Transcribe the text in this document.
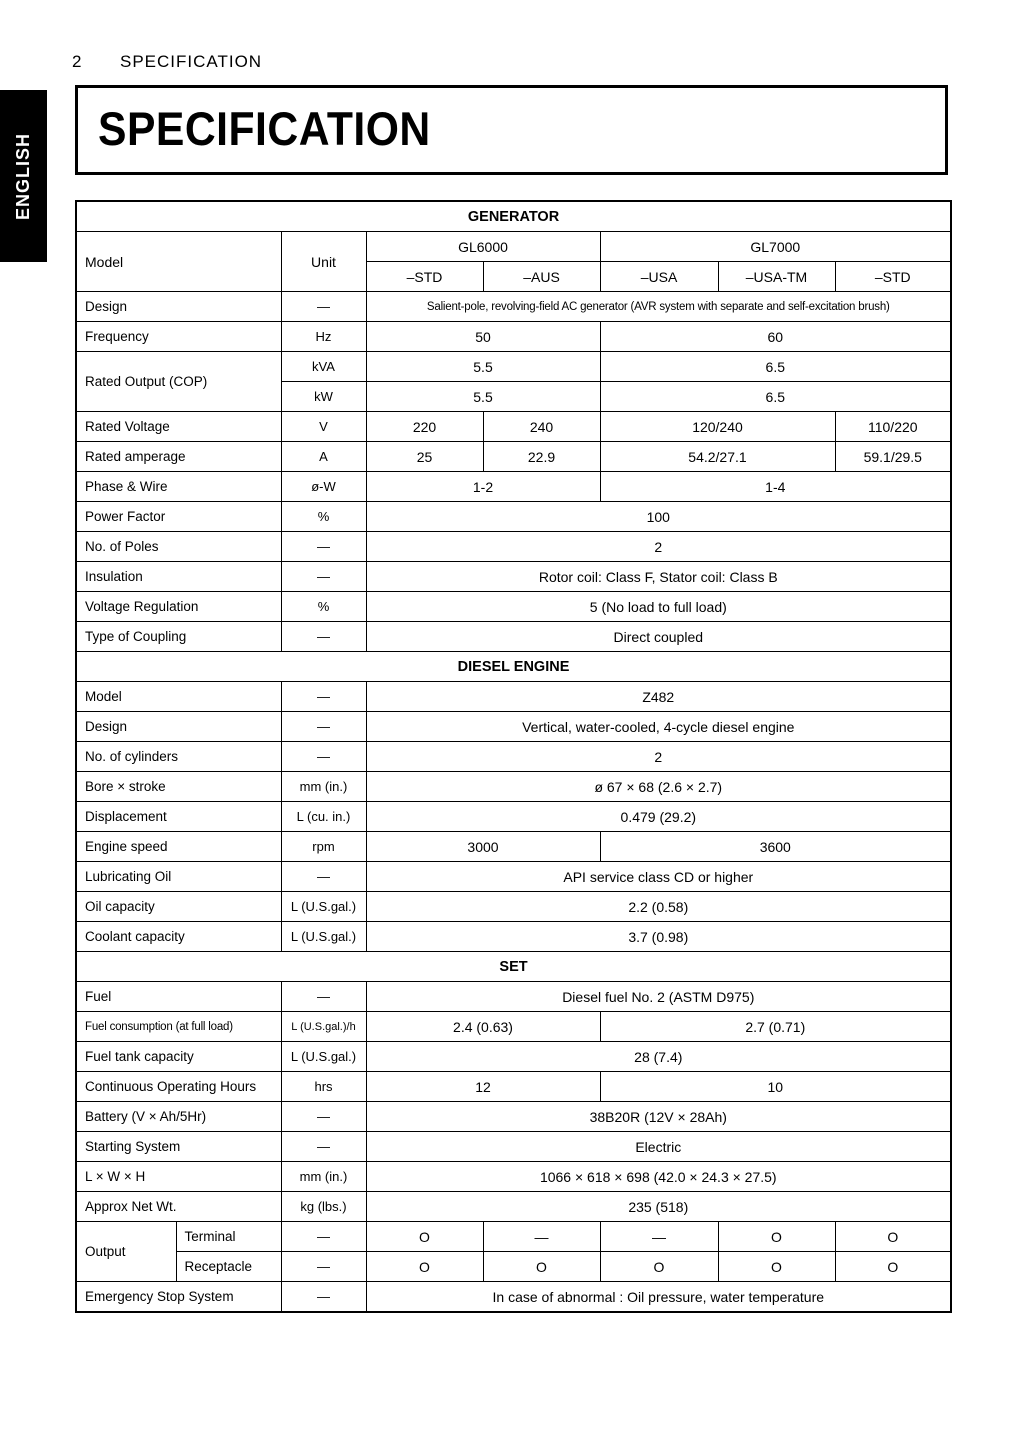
2 SPECIFICATION
ENGLISH
SPECIFICATION
GENERATOR							
Model		Unit	GL6000		GL7000		
			–STD	–AUS	–USA	–USA-TM	–STD
Design		—	Salient-pole, revolving-field AC generator (AVR system with separate and self-excitation brush)				
Frequency		Hz	50		60		
Rated Output (COP)		kVA	5.5		6.5		
		kW	5.5		6.5		
Rated Voltage		V	220	240	120/240		110/220
Rated amperage		A	25	22.9	54.2/27.1		59.1/29.5
Phase & Wire		ø-W	1-2		1-4		
Power Factor		%	100				
No. of Poles		—	2				
Insulation		—	Rotor coil: Class F, Stator coil: Class B				
Voltage Regulation		%	5 (No load to full load)				
Type of Coupling		—	Direct coupled				
DIESEL ENGINE							
Model		—	Z482				
Design		—	Vertical, water-cooled, 4-cycle diesel engine				
No. of cylinders		—	2				
Bore × stroke		mm (in.)	ø 67 × 68 (2.6 × 2.7)				
Displacement		L (cu. in.)	0.479 (29.2)				
Engine speed		rpm	3000		3600		
Lubricating Oil		—	API service class CD or higher				
Oil capacity		L (U.S.gal.)	2.2 (0.58)				
Coolant capacity		L (U.S.gal.)	3.7 (0.98)				
SET							
Fuel		—	Diesel fuel No. 2 (ASTM D975)				
Fuel consumption (at full load)		L (U.S.gal.)/h	2.4 (0.63)		2.7 (0.71)		
Fuel tank capacity		L (U.S.gal.)	28 (7.4)				
Continuous Operating Hours		hrs	12		10		
Battery (V × Ah/5Hr)		—	38B20R (12V × 28Ah)				
Starting System		—	Electric				
L × W × H		mm (in.)	1066 × 618 × 698 (42.0 × 24.3 × 27.5)				
Approx Net Wt.		kg (lbs.)	235 (518)				
Output	Terminal	—	O	—	—	O	O
	Receptacle	—	O	O	O	O	O
Emergency Stop System		—	In case of abnormal : Oil pressure, water temperature				
